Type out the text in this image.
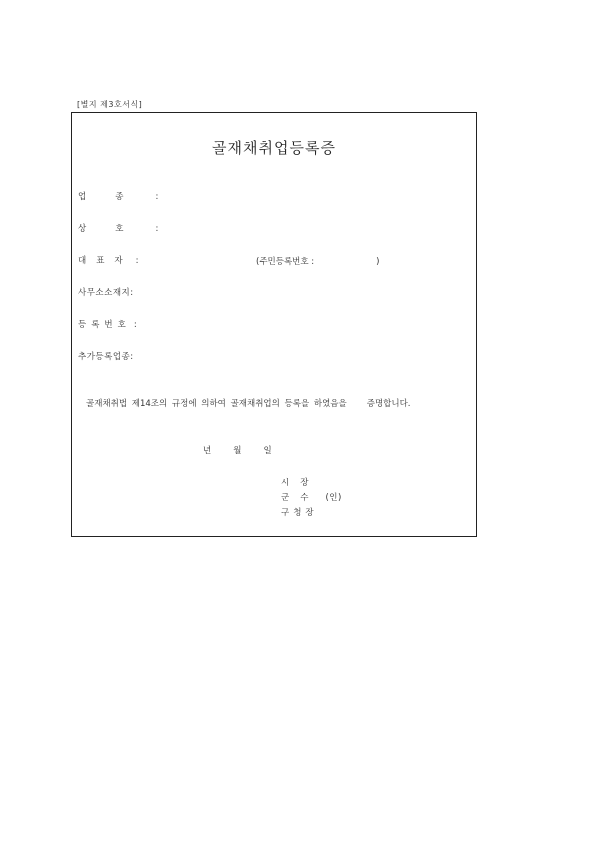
[별지 제3호서식]
골재채취업등록증
업종 :
상호 :
대표자 :	(주민등록번호 :	)
사무소소재지:
등록번호 :
추가등록업종:
골재채취법 제14조의 규정에 의하여 골재채취업의 등록을 하였음을 증명합니다.
년	월	일
시장
군수 (인)
구청장
